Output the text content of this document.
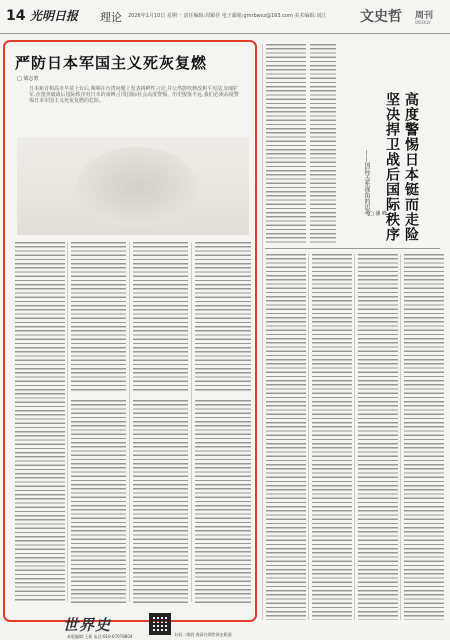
14 光明日报 理论 2026年1月10日 星期一 责任编辑:周颖佳 电子邮箱:gmrbwsz@163.com 美术编辑:刘江 文史哲 周刊
WEEKLY
严防日本军国主义死灰复燃
□ 梁志勇
日本新首相高市早苗上台后,频频在台湾问题上发表挑衅性言论,并公然鼓吹修改和平宪法,加速扩军,企图突破战后国际秩序对日本的束缚,引发国际社会高度警惕。历史殷鉴不远,我们必须高度警惕日本军国主义死灰复燃的危险。
世界史
本版编辑:王莉 电话:010-67078804	扫码二维码 查看往期世界史版面
坚决捍卫战后国际秩序 高度警惕日本铤而走险
——国际关系视角的思考 □ 潘 峰
